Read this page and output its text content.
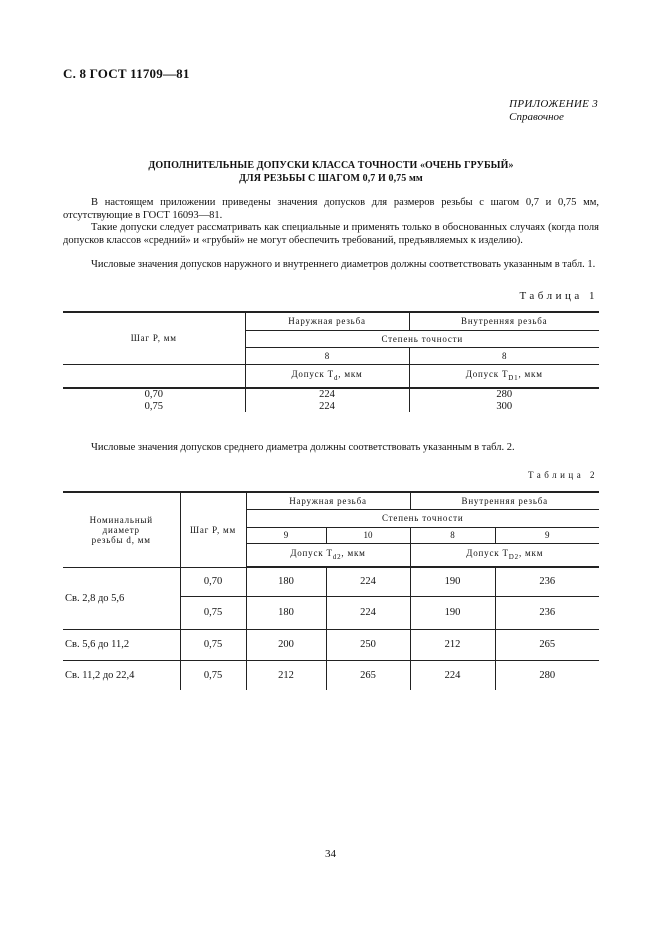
С. 8 ГОСТ 11709—81
ПРИЛОЖЕНИЕ 3
Справочное
ДОПОЛНИТЕЛЬНЫЕ ДОПУСКИ КЛАССА ТОЧНОСТИ «ОЧЕНЬ ГРУБЫЙ»
ДЛЯ РЕЗЬБЫ С ШАГОМ 0,7 И 0,75 мм
В настоящем приложении приведены значения допусков для размеров резьбы с шагом 0,7 и 0,75 мм, отсутствующие в ГОСТ 16093—81.
Такие допуски следует рассматривать как специальные и применять только в обоснованных случаях (когда поля допусков классов «средний» и «грубый» не могут обеспечить требований, предъявляемых к изделию).
Числовые значения допусков наружного и внутреннего диаметров должны соответствовать указанным в табл. 1.
Таблица 1
Шаг P, мм	Наружная резьба	Внутренняя резьба
	Степень точности	
	8	8
	Допуск $T_d$, мкм	Допуск $T_{D1}$, мкм
0,70	224	280
0,75	224	300
Числовые значения допусков среднего диаметра должны соответствовать указанным в табл. 2.
Таблица 2
Номинальный
диаметр
резьбы d, мм	Шаг P, мм	Наружная резьба		Внутренняя резьба	
		Степень точности			
		9	10	8	9
		Допуск $T_{d2}$, мкм		Допуск $T_{D2}$, мкм	
Св. 2,8 до 5,6	0,70	180	224	190	236
	0,75	180	224	190	236
Св. 5,6 до 11,2	0,75	200	250	212	265
Св. 11,2 до 22,4	0,75	212	265	224	280
34
